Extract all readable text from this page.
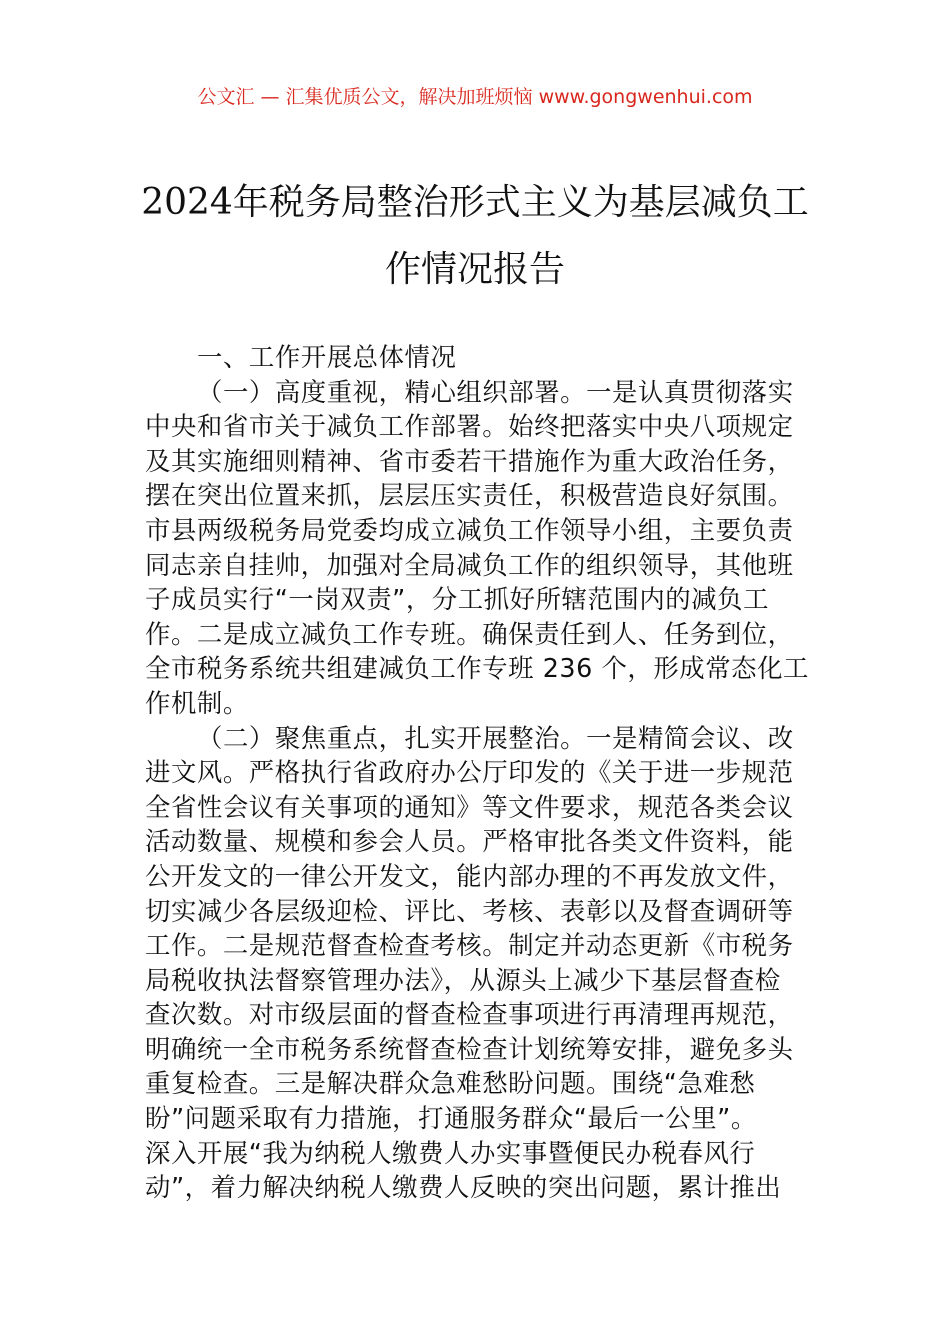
公文汇 — 汇集优质公文，解决加班烦恼 www.gongwenhui.com
2024年税务局整治形式主义为基层减负工
作情况报告
一、工作开展总体情况
（一）高度重视，精心组织部署。一是认真贯彻落实
中央和省市关于减负工作部署。始终把落实中央八项规定
及其实施细则精神、省市委若干措施作为重大政治任务，
摆在突出位置来抓，层层压实责任，积极营造良好氛围。
市县两级税务局党委均成立减负工作领导小组，主要负责
同志亲自挂帅，加强对全局减负工作的组织领导，其他班
子成员实行“一岗双责”，分工抓好所辖范围内的减负工
作。二是成立减负工作专班。确保责任到人、任务到位，
全市税务系统共组建减负工作专班 236 个，形成常态化工
作机制。
（二）聚焦重点，扎实开展整治。一是精简会议、改
进文风。严格执行省政府办公厅印发的《关于进一步规范
全省性会议有关事项的通知》等文件要求，规范各类会议
活动数量、规模和参会人员。严格审批各类文件资料，能
公开发文的一律公开发文，能内部办理的不再发放文件，
切实减少各层级迎检、评比、考核、表彰以及督查调研等
工作。二是规范督查检查考核。制定并动态更新《市税务
局税收执法督察管理办法》，从源头上减少下基层督查检
查次数。对市级层面的督查检查事项进行再清理再规范，
明确统一全市税务系统督查检查计划统筹安排，避免多头
重复检查。三是解决群众急难愁盼问题。围绕“急难愁
盼”问题采取有力措施，打通服务群众“最后一公里”。
深入开展“我为纳税人缴费人办实事暨便民办税春风行
动”，着力解决纳税人缴费人反映的突出问题，累计推出
